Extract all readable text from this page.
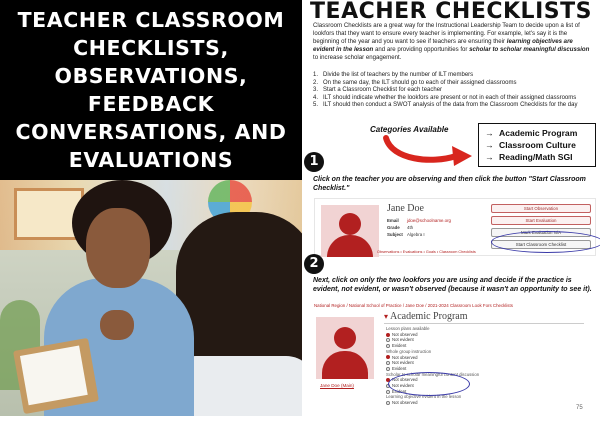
TEACHER CLASSROOM CHECKLISTS, OBSERVATIONS, FEEDBACK CONVERSATIONS, AND EVALUATIONS
TEACHER CHECKLISTS

Classroom Checklists are a great way for the Instructional Leadership Team to decide upon a list of lookfors that they want to ensure every teacher is implementing. For example, let's say it is the beginning of the year and you want to see if teachers are ensuring their learning objectives are evident in the lesson and are providing opportunities for scholar to scholar meaningful discussion to increase scholar engagement.

1. Divide the list of teachers by the number of ILT members
2. On the same day, the ILT should go to each of their assigned classrooms
3. Start a Classroom Checklist for each teacher
4. ILT should indicate whether the lookfors are present or not in each of their assigned classrooms
5. ILT should then conduct a SWOT analysis of the data from the Classroom Checklists for the day
Categories Available	→ Academic Program
→ Classroom Culture
→ Reading/Math SGI
1

Click on the teacher you are observing and then click the button "Start Classroom Checklist."

Jane Doe
Email jdoe@schoolname.org
Grade 4th
Subject Algebra I
Start Observation
Start Evaluation
Mark Evaluation N/A
Start Classroom Checklist
Observations • Evaluations • Goals • Classroom Checklists
2

Next, click on only the two lookfors you are using and decide if the practice is evident, not evident, or wasn't observed (because it wasn't an opportunity to see it).

National Region / National School of Practice / Jane Doe / 2021-2024 Classroom Look Fors Checklists
Jane Doe (Main)
▾ Academic Program
Lesson plans available
Not observed
Not evident
Evident
Whole group instruction
Not observed
Not evident
Evident
Scholar to scholar meaningful content discussion
Not observed
Not evident
Evident
Learning objective evident in the lesson
Not observed
75
